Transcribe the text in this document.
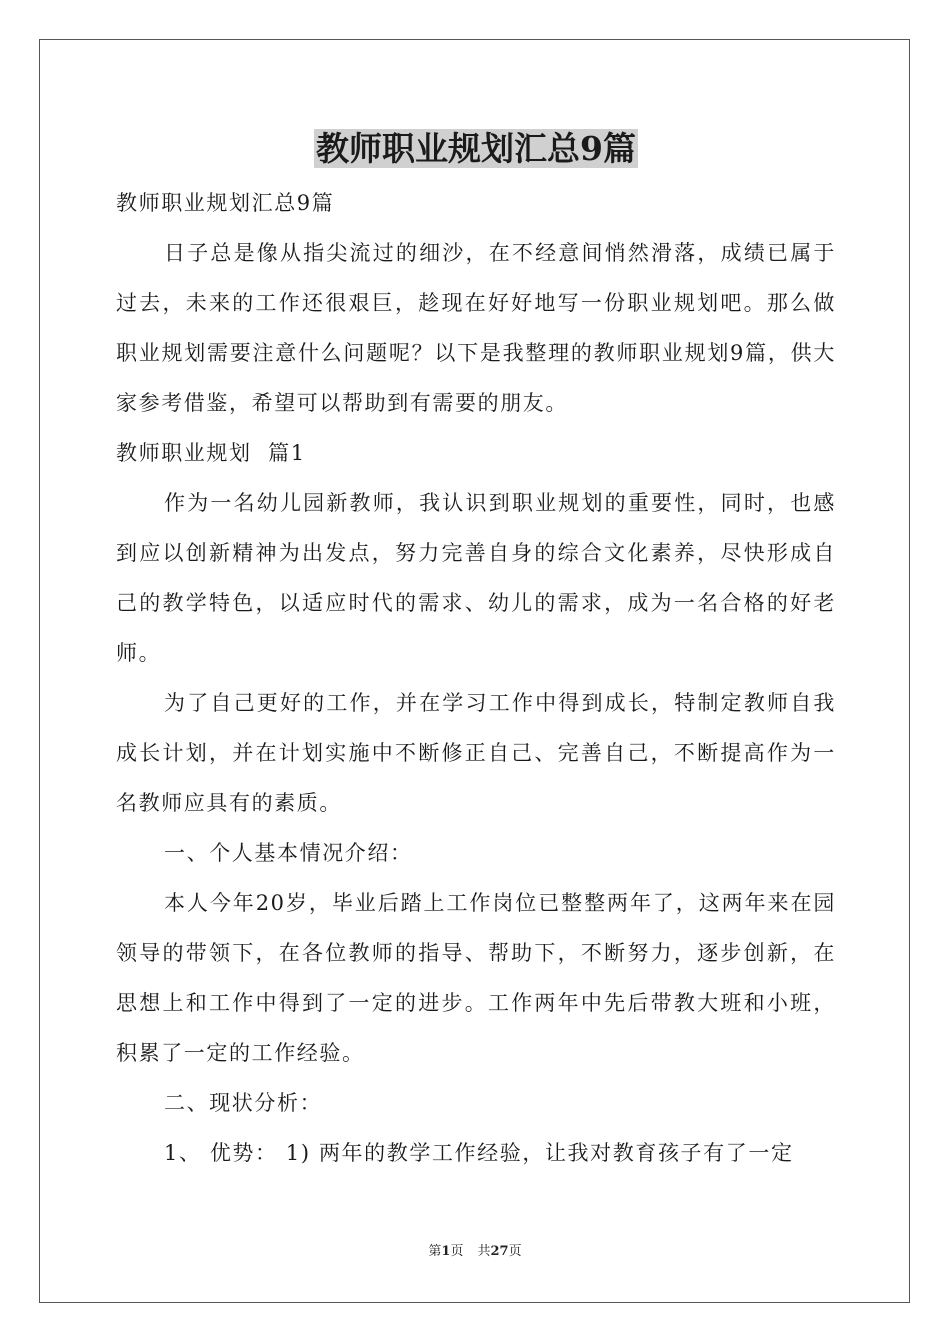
教师职业规划汇总9篇

教师职业规划汇总9篇

日子总是像从指尖流过的细沙，在不经意间悄然滑落，成绩已属于过去，未来的工作还很艰巨，趁现在好好地写一份职业规划吧。那么做职业规划需要注意什么问题呢？以下是我整理的教师职业规划9篇，供大家参考借鉴，希望可以帮助到有需要的朋友。

教师职业规划  篇1

作为一名幼儿园新教师，我认识到职业规划的重要性，同时，也感到应以创新精神为出发点，努力完善自身的综合文化素养，尽快形成自己的教学特色，以适应时代的需求、幼儿的需求，成为一名合格的好老师。

为了自己更好的工作，并在学习工作中得到成长，特制定教师自我成长计划，并在计划实施中不断修正自己、完善自己，不断提高作为一名教师应具有的素质。

一、个人基本情况介绍：

本人今年20岁，毕业后踏上工作岗位已整整两年了，这两年来在园领导的带领下，在各位教师的指导、帮助下，不断努力，逐步创新，在思想上和工作中得到了一定的进步。工作两年中先后带教大班和小班，积累了一定的工作经验。

二、现状分析：

1、 优势： 1) 两年的教学工作经验，让我对教育孩子有了一定

第1页 共27页
